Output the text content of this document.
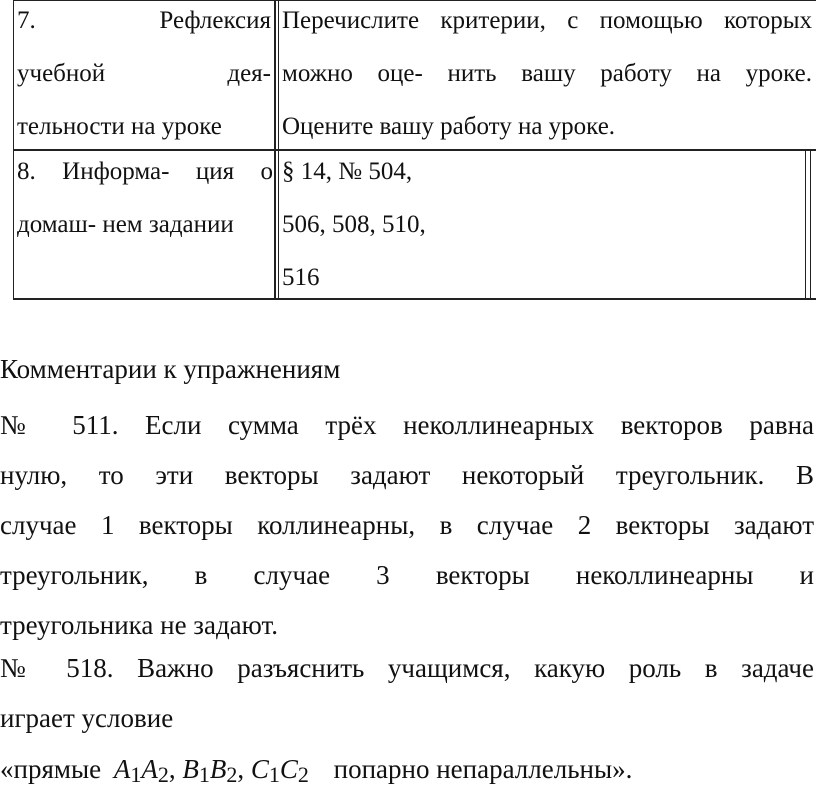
7. Рефлексия
учебной дея-
тельности на уроке
Перечислите критерии, с помощью которых
можно оце- нить вашу работу на уроке.
Оцените вашу работу на уроке.
8. Информа- ция о
домаш- нем задании
§ 14, № 504,
506, 508, 510,
516
Комментарии к упражнениям
№ 511. Если сумма трёх неколлинеарных векторов равна
нулю, то эти векторы задают некоторый треугольник. В
случае 1 векторы коллинеарны, в случае 2 векторы задают
треугольник, в случае 3 векторы неколлинеарны и
треугольника не задают.
№ 518. Важно разъяснить учащимся, какую роль в задаче
играет условие
«прямые A1A2, B1B2, C1C2 попарно непараллельны».
